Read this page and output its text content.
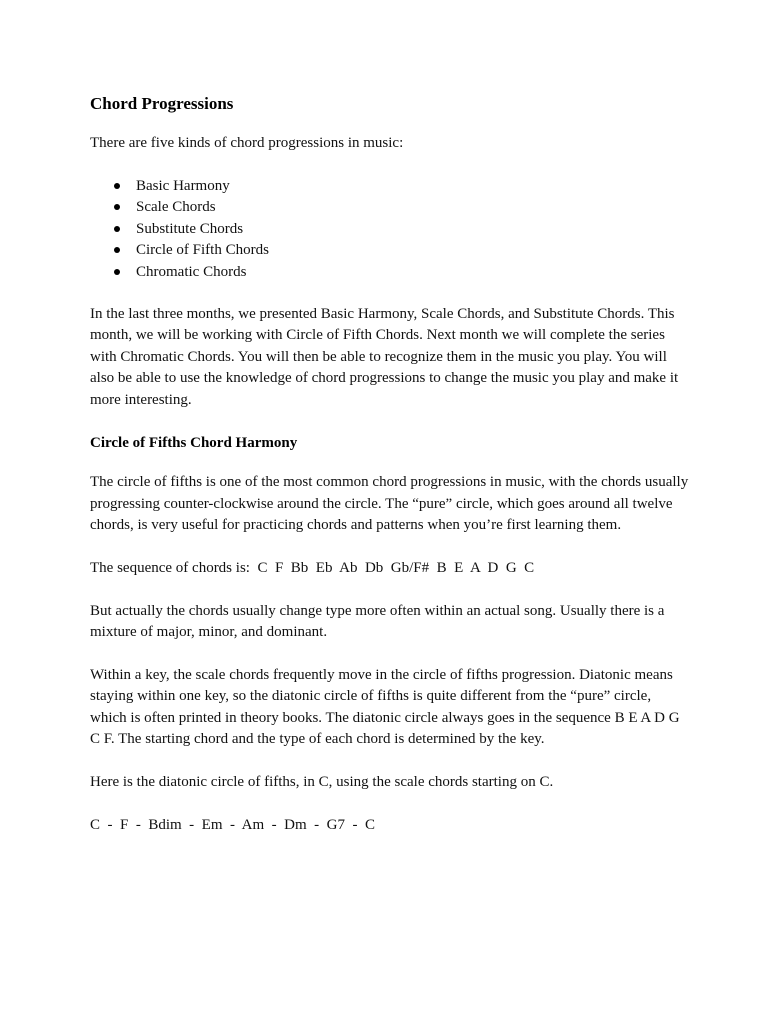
Chord Progressions

There are five kinds of chord progressions in music:

Basic Harmony
Scale Chords
Substitute Chords
Circle of Fifth Chords
Chromatic Chords

In the last three months, we presented Basic Harmony, Scale Chords, and Substitute Chords. This month, we will be working with Circle of Fifth Chords. Next month we will complete the series with Chromatic Chords. You will then be able to recognize them in the music you play. You will also be able to use the knowledge of chord progressions to change the music you play and make it more interesting.

Circle of Fifths Chord Harmony

The circle of fifths is one of the most common chord progressions in music, with the chords usually progressing counter-clockwise around the circle. The “pure” circle, which goes around all twelve chords, is very useful for practicing chords and patterns when you’re first learning them.

The sequence of chords is:  C  F  Bb  Eb  Ab  Db  Gb/F#  B  E  A  D  G  C

But actually the chords usually change type more often within an actual song. Usually there is a mixture of major, minor, and dominant.

Within a key, the scale chords frequently move in the circle of fifths progression. Diatonic means staying within one key, so the diatonic circle of fifths is quite different from the “pure” circle, which is often printed in theory books. The diatonic circle always goes in the sequence B E A D G C F. The starting chord and the type of each chord is determined by the key.

Here is the diatonic circle of fifths, in C, using the scale chords starting on C.

C  -  F  -  Bdim  -  Em  -  Am  -  Dm  -  G7  -  C
